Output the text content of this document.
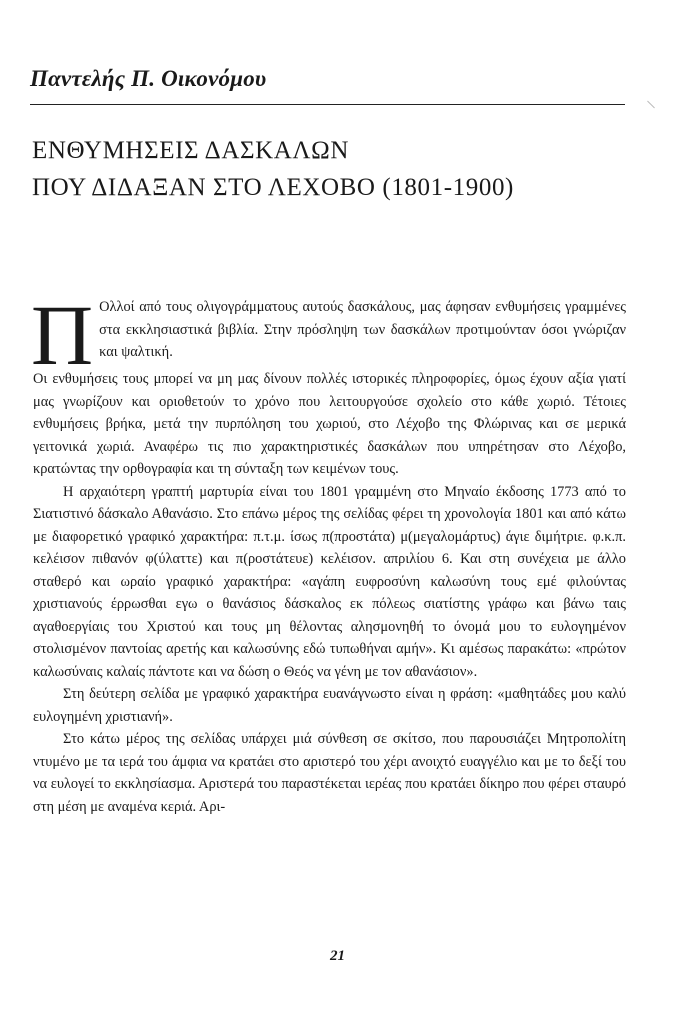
Παντελής Π. Οικονόμου
ΕΝΘΥΜΗΣΕΙΣ ΔΑΣΚΑΛΩΝ
ΠΟΥ ΔΙΔΑΞΑΝ ΣΤΟ ΛΕΧΟΒΟ (1801-1900)

Π Ολλοί από τους ολιγογράμματους αυτούς δασκάλους, μας άφησαν ενθυμήσεις γραμμένες στα εκκλησιαστικά βιβλία. Στην πρόσληψη των δασκάλων προτιμούνταν όσοι γνώριζαν και ψαλτική.
Οι ενθυμήσεις τους μπορεί να μη μας δίνουν πολλές ιστορικές πληροφορίες, όμως έχουν αξία γιατί μας γνωρίζουν και οριοθετούν το χρόνο που λειτουργούσε σχολείο στο κάθε χωριό. Τέτοιες ενθυμήσεις βρήκα, μετά την πυρπόληση του χωριού, στο Λέχοβο της Φλώρινας και σε μερικά γειτονικά χωριά. Αναφέρω τις πιο χαρακτηριστικές δασκάλων που υπηρέτησαν στο Λέχοβο, κρατώντας την ορθογραφία και τη σύνταξη των κειμένων τους.

Η αρχαιότερη γραπτή μαρτυρία είναι του 1801 γραμμένη στο Μηναίο έκδοσης 1773 από το Σιατιστινό δάσκαλο Αθανάσιο. Στο επάνω μέρος της σελίδας φέρει τη χρονολογία 1801 και από κάτω με διαφορετικό γραφικό χαρακτήρα: π.τ.μ. ίσως π(προστάτα) μ(μεγαλομάρτυς) άγιε διμήτριε. φ.κ.π. κελέισον πιθανόν φ(ύλαττε) και π(ροστάτευε) κελέισον. απριλίου 6. Και στη συνέχεια με άλλο σταθερό και ωραίο γραφικό χαρακτήρα: «αγάπη ευφροσύνη καλωσύνη τους εμέ φιλούντας χριστιανούς έρρωσθαι εγω ο θανάσιος δάσκαλος εκ πόλεως σιατίστης γράφω και βάνω ταις αγαθοεργίαις του Χριστού και τους μη θέλοντας αλησμονηθή το όνομά μου το ευλογημένον στολισμένον παντοίας αρετής και καλωσύνης εδώ τυπωθήναι αμήν». Κι αμέσως παρακάτω: «πρώτον καλωσύναις καλαίς πάντοτε και να δώση ο Θεός να γένη με τον αθανάσιον».

Στη δεύτερη σελίδα με γραφικό χαρακτήρα ευανάγνωστο είναι η φράση: «μαθητάδες μου καλύ ευλογημένη χριστιανή».

Στο κάτω μέρος της σελίδας υπάρχει μιά σύνθεση σε σκίτσο, που παρουσιάζει Μητροπολίτη ντυμένο με τα ιερά του άμφια να κρατάει στο αριστερό του χέρι ανοιχτό ευαγγέλιο και με το δεξί του να ευλογεί το εκκλησίασμα. Αριστερά του παραστέκεται ιερέας που κρατάει δίκηρο που φέρει σταυρό στη μέση με αναμένα κεριά. Αρι-

21
